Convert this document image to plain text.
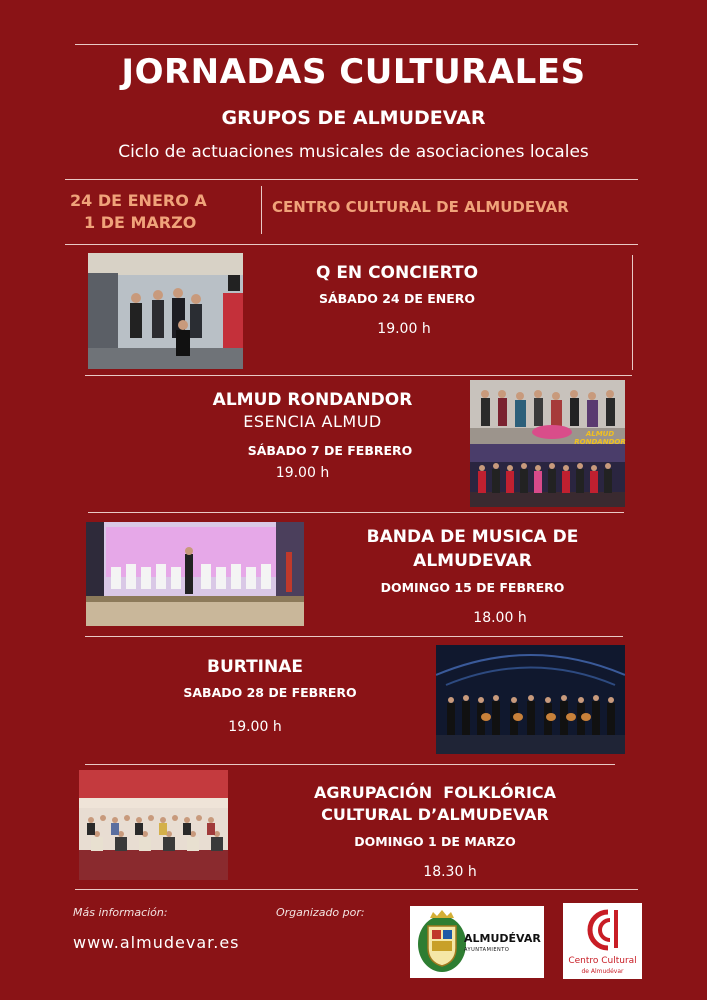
JORNADAS CULTURALES
GRUPOS DE ALMUDEVAR
Ciclo de actuaciones musicales de asociaciones locales
24 DE ENERO A
1 DE MARZO
CENTRO CULTURAL DE ALMUDEVAR
Q EN CONCIERTO
SÁBADO 24 DE ENERO
19.00 h
ALMUD RONDANDOR
ESENCIA ALMUD
SÁBADO 7 DE FEBRERO
19.00 h
ALMUD RONDANDOR
BANDA DE MUSICA DE
ALMUDEVAR
DOMINGO 15 DE FEBRERO
18.00 h
BURTINAE
SABADO 28 DE FEBRERO
19.00 h
AGRUPACIÓN  FOLKLÓRICA
CULTURAL D’ALMUDEVAR
DOMINGO 1 DE MARZO
18.30 h
Más información:
www.almudevar.es
Organizado por:
ALMUDÉVAR
AYUNTAMIENTO
Centro Cultural
de Almudévar
